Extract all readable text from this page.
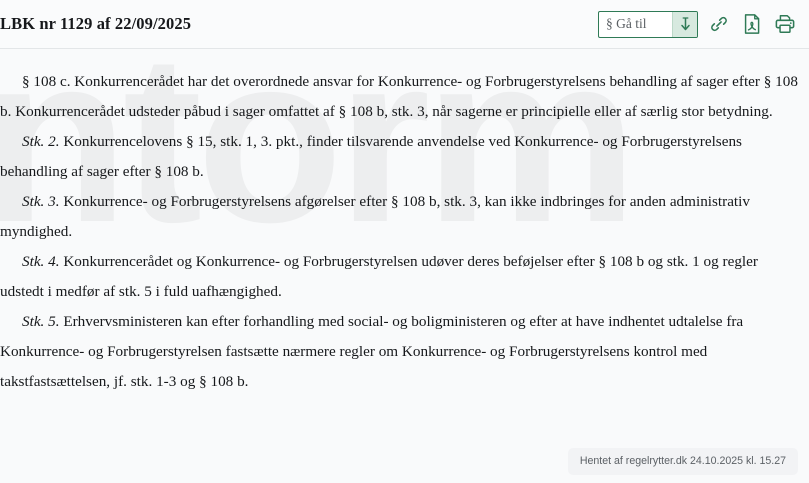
LBK nr 1129 af 22/09/2025
§ Gå til

§ 108 c. Konkurrencerådet har det overordnede ansvar for Konkurrence- og Forbrugerstyrelsens behandling af sager efter § 108 b. Konkurrencerådet udsteder påbud i sager omfattet af § 108 b, stk. 3, når sagerne er principielle eller af særlig stor betydning.

Stk. 2. Konkurrencelovens § 15, stk. 1, 3. pkt., finder tilsvarende anvendelse ved Konkurrence- og Forbrugerstyrelsens behandling af sager efter § 108 b.

Stk. 3. Konkurrence- og Forbrugerstyrelsens afgørelser efter § 108 b, stk. 3, kan ikke indbringes for anden administrativ myndighed.

Stk. 4. Konkurrencerådet og Konkurrence- og Forbrugerstyrelsen udøver deres beføjelser efter § 108 b og stk. 1 og regler udstedt i medfør af stk. 5 i fuld uafhængighed.

Stk. 5. Erhvervsministeren kan efter forhandling med social- og boligministeren og efter at have indhentet udtalelse fra Konkurrence- og Forbrugerstyrelsen fastsætte nærmere regler om Konkurrence- og Forbrugerstyrelsens kontrol med takstfastsættelsen, jf. stk. 1-3 og § 108 b.

Hentet af regelrytter.dk 24.10.2025 kl. 15.27
